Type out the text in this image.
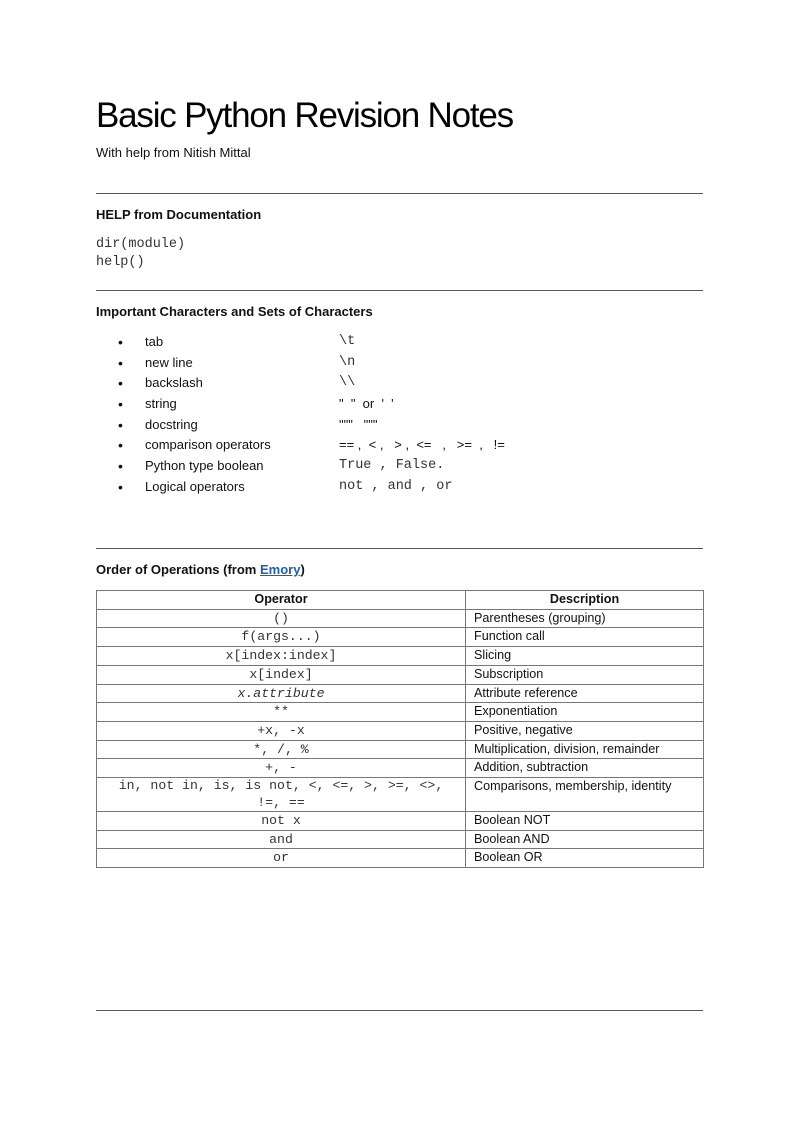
Basic Python Revision Notes
With help from Nitish Mittal
HELP from Documentation
dir(module)
help()
Important Characters and Sets of Characters
• tab	\t
• new line	\n
• backslash	\\
• string	"  "  or  '  '
• docstring	"""   """
• comparison operators	== ,  < ,   > ,  <=   ,   >=  ,   !=
• Python type boolean	True , False.
• Logical operators	not , and , or
Order of Operations (from Emory)
Operator	Description
()	Parentheses (grouping)
f(args...)	Function call
x[index:index]	Slicing
x[index]	Subscription
x.attribute	Attribute reference
**	Exponentiation
+x, -x	Positive, negative
*, /, %	Multiplication, division, remainder
+, -	Addition, subtraction
in, not in, is, is not, <, <=, >, >=, <>, !=, ==	Comparisons, membership, identity
not x	Boolean NOT
and	Boolean AND
or	Boolean OR
